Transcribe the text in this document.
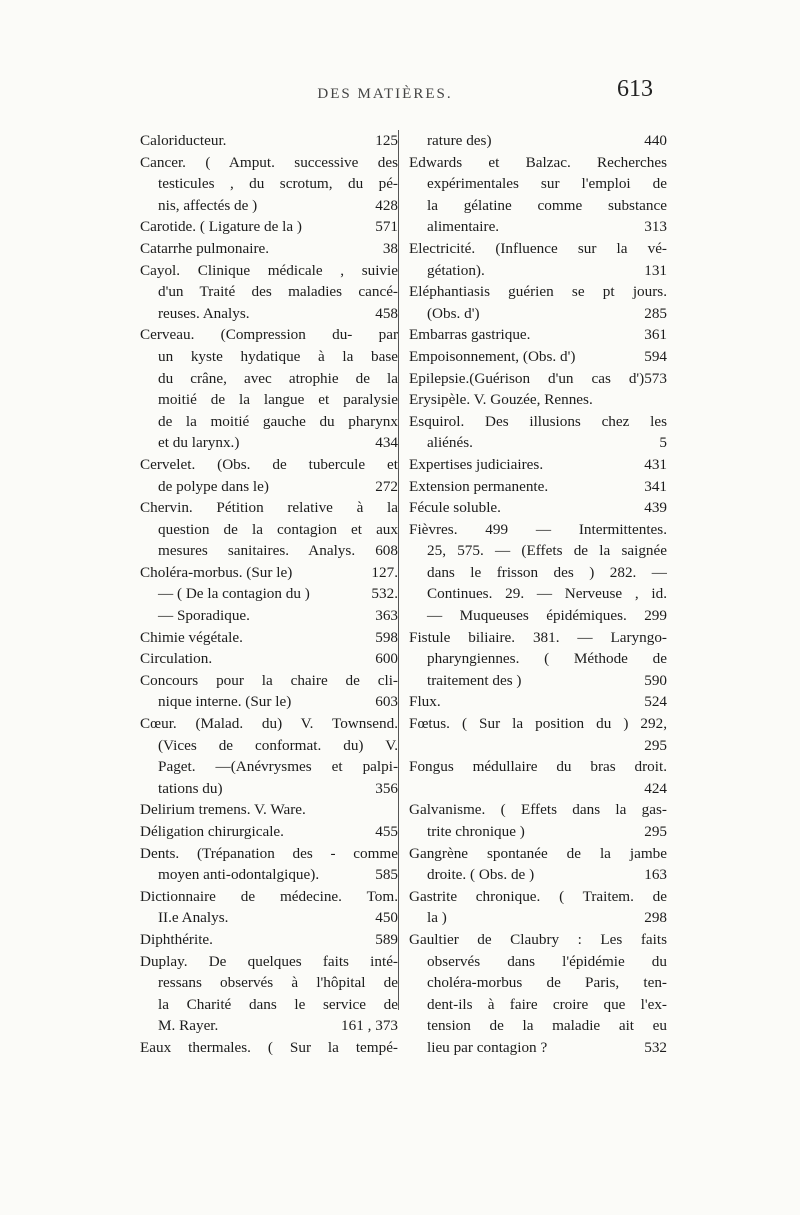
DES MATIÈRES.	613
Caloriducteur.	125
Cancer. ( Amput. successive des
testicules , du scrotum, du pé-
nis, affectés de )	428
Carotide. ( Ligature de la )	571
Catarrhe pulmonaire.	38
Cayol. Clinique médicale , suivie
d'un Traité des maladies cancé-
reuses. Analys.	458
Cerveau. (Compression du- par
un kyste hydatique à la base
du crâne, avec atrophie de la
moitié de la langue et paralysie
de la moitié gauche du pharynx
et du larynx.)	434
Cervelet. (Obs. de tubercule et
de polype dans le)	272
Chervin. Pétition relative à la
question de la contagion et aux
mesures sanitaires. Analys. 608
Choléra-morbus. (Sur le)	127.
— ( De la contagion du )	532.
— Sporadique.	363
Chimie végétale.	598
Circulation.	600
Concours pour la chaire de cli-
nique interne. (Sur le)	603
Cœur. (Malad. du) V. Townsend.
(Vices de conformat. du) V.
Paget. —(Anévrysmes et palpi-
tations du)	356
Delirium tremens. V. Ware.
Déligation chirurgicale.	455
Dents. (Trépanation des - comme
moyen anti-odontalgique).	585
Dictionnaire de médecine. Tom.
II.e Analys.	450
Diphthérite.	589
Duplay. De quelques faits inté-
ressans observés à l'hôpital de
la Charité dans le service de
M. Rayer.	161 , 373
Eaux thermales. ( Sur la tempé-
rature des)	440
Edwards et Balzac. Recherches
expérimentales sur l'emploi de
la gélatine comme substance
alimentaire.	313
Electricité. (Influence sur la vé-
gétation).	131
Eléphantiasis guérien se pt jours.
(Obs. d')	285
Embarras gastrique.	361
Empoisonnement, (Obs. d')	594
Epilepsie.(Guérison d'un cas d')573
Erysipèle. V. Gouzée, Rennes.
Esquirol. Des illusions chez les
aliénés.	5
Expertises judiciaires.	431
Extension permanente.	341
Fécule soluble.	439
Fièvres. 499 — Intermittentes.
25, 575. — (Effets de la saignée
dans le frisson des ) 282. —
Continues. 29. — Nerveuse , id.
— Muqueuses épidémiques. 299
Fistule biliaire. 381. — Laryngo-
pharyngiennes. ( Méthode de
traitement des )	590
Flux.	524
Fœtus. ( Sur la position du ) 292,
295
Fongus médullaire du bras droit.
424
Galvanisme. ( Effets dans la gas-
trite chronique )	295
Gangrène spontanée de la jambe
droite. ( Obs. de )	163
Gastrite chronique. ( Traitem. de
la )	298
Gaultier de Claubry : Les faits
observés dans l'épidémie du
choléra-morbus de Paris, ten-
dent-ils à faire croire que l'ex-
tension de la maladie ait eu
lieu par contagion ?	532
